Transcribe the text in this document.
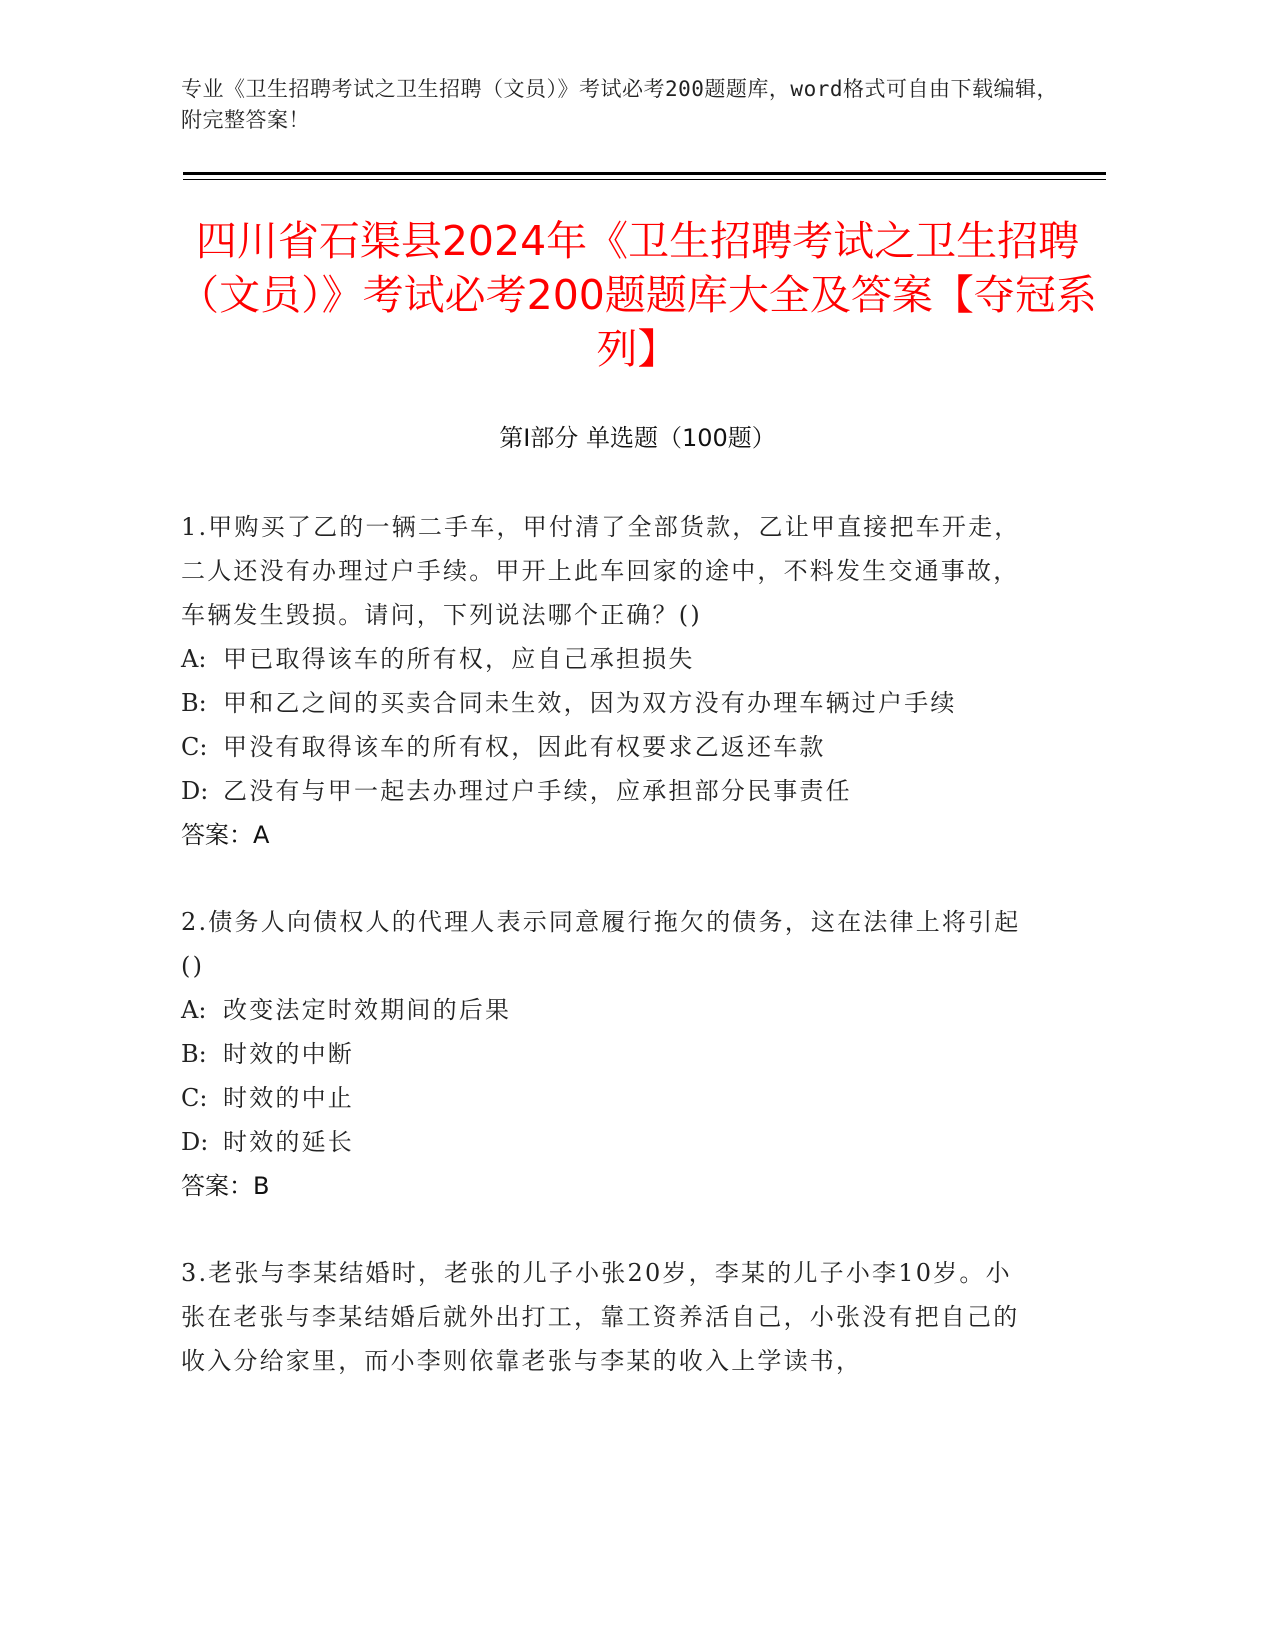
专业《卫生招聘考试之卫生招聘（文员）》考试必考200题题库，word格式可自由下载编辑，附完整答案！
四川省石渠县2024年《卫生招聘考试之卫生招聘（文员）》考试必考200题题库大全及答案【夺冠系列】
第I部分 单选题（100题）
1.甲购买了乙的一辆二手车，甲付清了全部货款，乙让甲直接把车开走，二人还没有办理过户手续。甲开上此车回家的途中，不料发生交通事故，车辆发生毁损。请问，下列说法哪个正确？()
A: 甲已取得该车的所有权，应自己承担损失
B: 甲和乙之间的买卖合同未生效，因为双方没有办理车辆过户手续
C: 甲没有取得该车的所有权，因此有权要求乙返还车款
D: 乙没有与甲一起去办理过户手续，应承担部分民事责任
答案：A
2.债务人向债权人的代理人表示同意履行拖欠的债务，这在法律上将引起()
A: 改变法定时效期间的后果
B: 时效的中断
C: 时效的中止
D: 时效的延长
答案：B
3.老张与李某结婚时，老张的儿子小张20岁，李某的儿子小李10岁。小张在老张与李某结婚后就外出打工，靠工资养活自己，小张没有把自己的收入分给家里，而小李则依靠老张与李某的收入上学读书，
